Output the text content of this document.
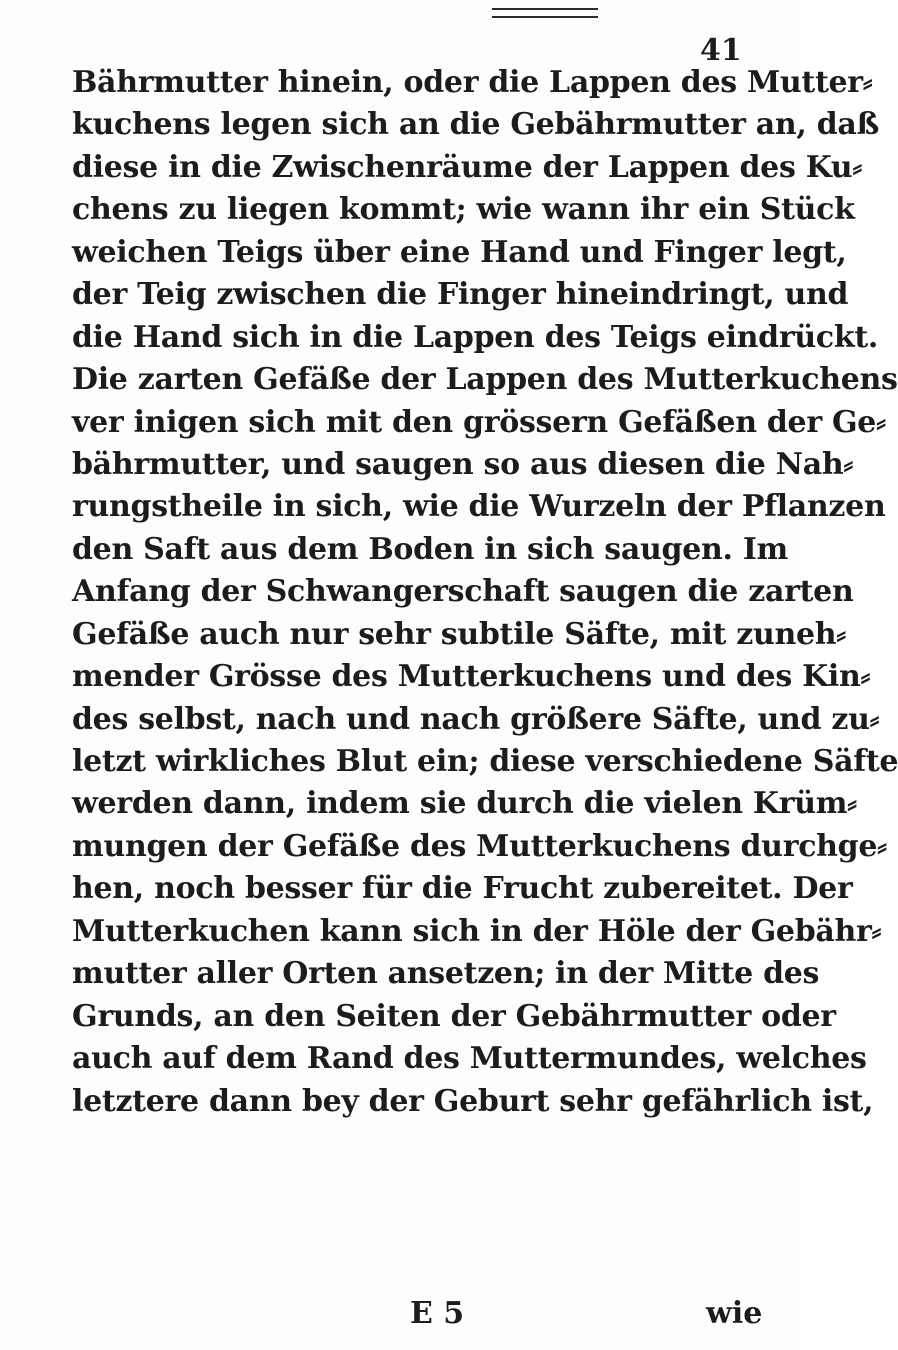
41
Bährmutter hinein, oder die Lappen des Mutter⸗
kuchens legen sich an die Gebährmutter an, daß
diese in die Zwischenräume der Lappen des Ku⸗
chens zu liegen kommt; wie wann ihr ein Stück
weichen Teigs über eine Hand und Finger legt,
der Teig zwischen die Finger hineindringt, und
die Hand sich in die Lappen des Teigs eindrückt.
Die zarten Gefäße der Lappen des Mutterkuchens
ver inigen sich mit den grössern Gefäßen der Ge⸗
bährmutter, und saugen so aus diesen die Nah⸗
rungstheile in sich, wie die Wurzeln der Pflanzen
den Saft aus dem Boden in sich saugen. Im
Anfang der Schwangerschaft saugen die zarten
Gefäße auch nur sehr subtile Säfte, mit zuneh⸗
mender Grösse des Mutterkuchens und des Kin⸗
des selbst, nach und nach größere Säfte, und zu⸗
letzt wirkliches Blut ein; diese verschiedene Säfte
werden dann, indem sie durch die vielen Krüm⸗
mungen der Gefäße des Mutterkuchens durchge⸗
hen, noch besser für die Frucht zubereitet. Der
Mutterkuchen kann sich in der Höle der Gebähr⸗
mutter aller Orten ansetzen; in der Mitte des
Grunds, an den Seiten der Gebährmutter oder
auch auf dem Rand des Muttermundes, welches
letztere dann bey der Geburt sehr gefährlich ist,
E 5	wie
